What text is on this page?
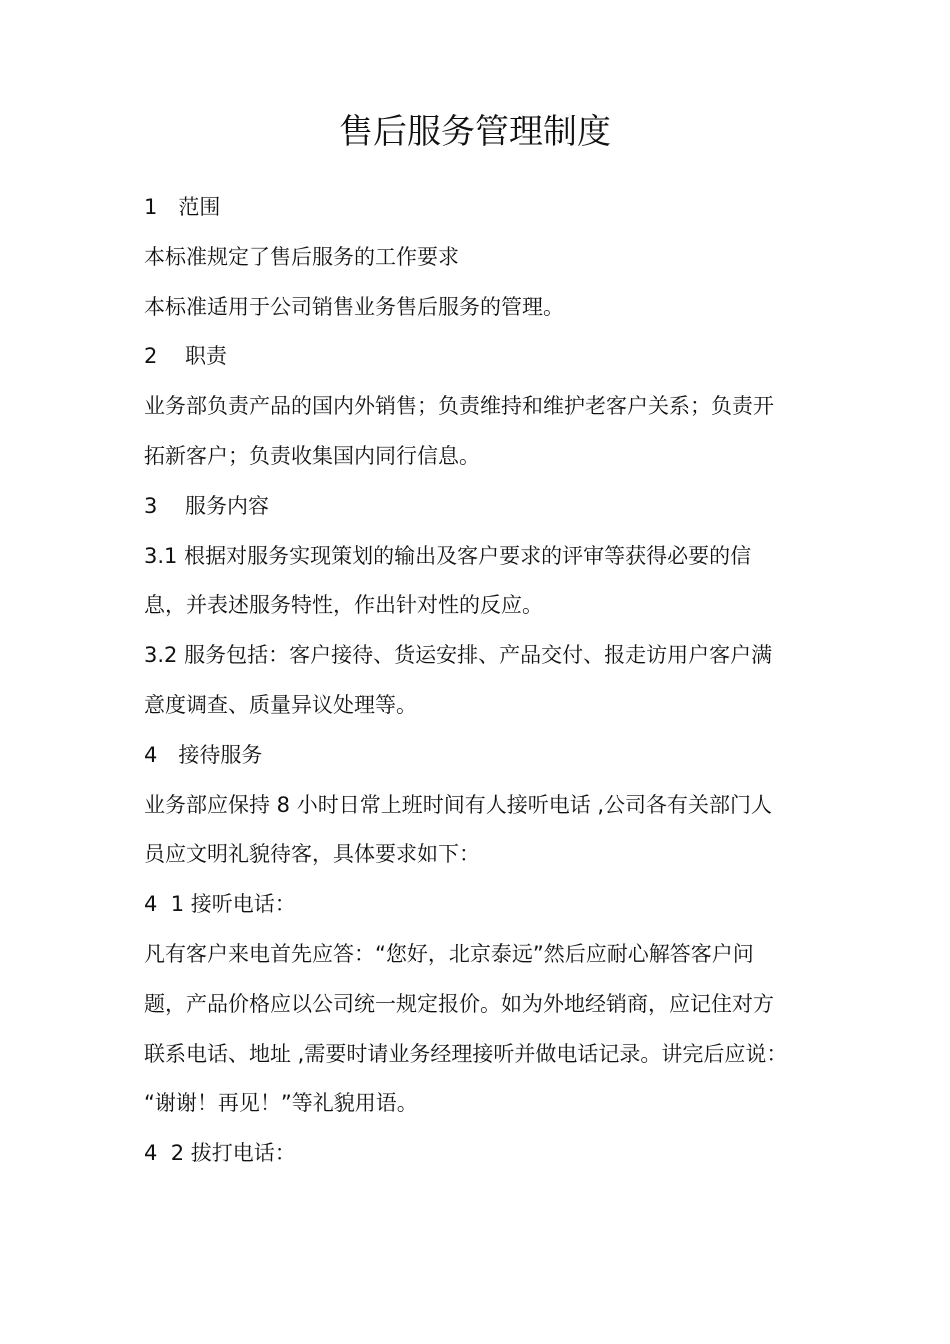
售后服务管理制度

1　范围

本标准规定了售后服务的工作要求

本标准适用于公司销售业务售后服务的管理。

2　 职责

业务部负责产品的国内外销售；负责维持和维护老客户关系；负责开

拓新客户；负责收集国内同行信息。

3　 服务内容

3.1 根据对服务实现策划的输出及客户要求的评审等获得必要的信

息，并表述服务特性，作出针对性的反应。

3.2 服务包括：客户接待、货运安排、产品交付、报走访用户客户满

意度调查、质量异议处理等。

4　接待服务

业务部应保持 8 小时日常上班时间有人接听电话 ,公司各有关部门人

员应文明礼貌待客，具体要求如下：

4  1 接听电话：

凡有客户来电首先应答：“您好，北京泰远”然后应耐心解答客户问

题，产品价格应以公司统一规定报价。如为外地经销商，应记住对方

联系电话、地址 ,需要时请业务经理接听并做电话记录。讲完后应说：

“谢谢！再见！”等礼貌用语。

4  2 拔打电话：
